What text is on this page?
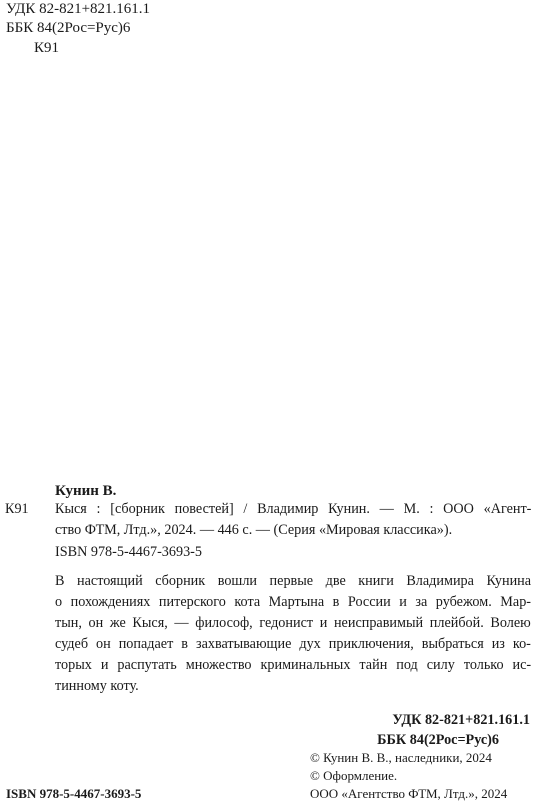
УДК 82-821+821.161.1
ББК 84(2Рос=Рус)6
К91
Кунин В.
К91 Кыся : [сборник повестей] / Владимир Кунин. — М. : ООО «Агент-
ство ФТМ, Лтд.», 2024. — 446 с. — (Серия «Мировая классика»).
ISBN 978-5-4467-3693-5
В настоящий сборник вошли первые две книги Владимира Кунина
о похождениях питерского кота Мартына в России и за рубежом. Мар-
тын, он же Кыся, — философ, гедонист и неисправимый плейбой. Волею
судеб он попадает в захватывающие дух приключения, выбраться из ко-
торых и распутать множество криминальных тайн под силу только ис-
тинному коту.
УДК 82-821+821.161.1
ББК 84(2Рос=Рус)6
© Кунин В. В., наследники, 2024
© Оформление.
ISBN 978-5-4467-3693-5	ООО «Агентство ФТМ, Лтд.», 2024
